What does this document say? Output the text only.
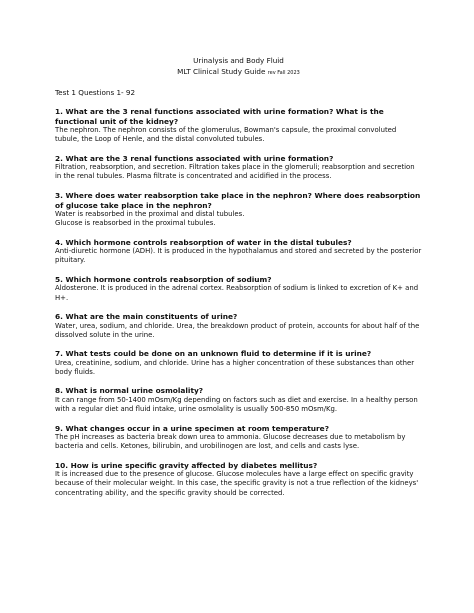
Urinalysis and Body Fluid
MLT Clinical Study Guide rev Fall 2023
Test 1 Questions 1- 92
1. What are the 3 renal functions associated with urine formation? What is the functional unit of the kidney?
The nephron. The nephron consists of the glomerulus, Bowman's capsule, the proximal convoluted tubule, the Loop of Henle, and the distal convoluted tubules.
2. What are the 3 renal functions associated with urine formation?
Filtration, reabsorption, and secretion. Filtration takes place in the glomeruli; reabsorption and secretion in the renal tubules. Plasma filtrate is concentrated and acidified in the process.
3. Where does water reabsorption take place in the nephron? Where does reabsorption of glucose take place in the nephron?
Water is reabsorbed in the proximal and distal tubules.
Glucose is reabsorbed in the proximal tubules.
4. Which hormone controls reabsorption of water in the distal tubules?
Anti-diuretic hormone (ADH). It is produced in the hypothalamus and stored and secreted by the posterior pituitary.
5. Which hormone controls reabsorption of sodium?
Aldosterone. It is produced in the adrenal cortex. Reabsorption of sodium is linked to excretion of K+ and H+.
6. What are the main constituents of urine?
Water, urea, sodium, and chloride. Urea, the breakdown product of protein, accounts for about half of the dissolved solute in the urine.
7. What tests could be done on an unknown fluid to determine if it is urine?
Urea, creatinine, sodium, and chloride. Urine has a higher concentration of these substances than other body fluids.
8. What is normal urine osmolality?
It can range from 50-1400 mOsm/Kg depending on factors such as diet and exercise. In a healthy person with a regular diet and fluid intake, urine osmolality is usually 500-850 mOsm/Kg.
9. What changes occur in a urine specimen at room temperature?
The pH increases as bacteria break down urea to ammonia. Glucose decreases due to metabolism by bacteria and cells. Ketones, bilirubin, and urobilinogen are lost, and cells and casts lyse.
10. How is urine specific gravity affected by diabetes mellitus?
It is increased due to the presence of glucose. Glucose molecules have a large effect on specific gravity because of their molecular weight. In this case, the specific gravity is not a true reflection of the kidneys' concentrating ability, and the specific gravity should be corrected.
